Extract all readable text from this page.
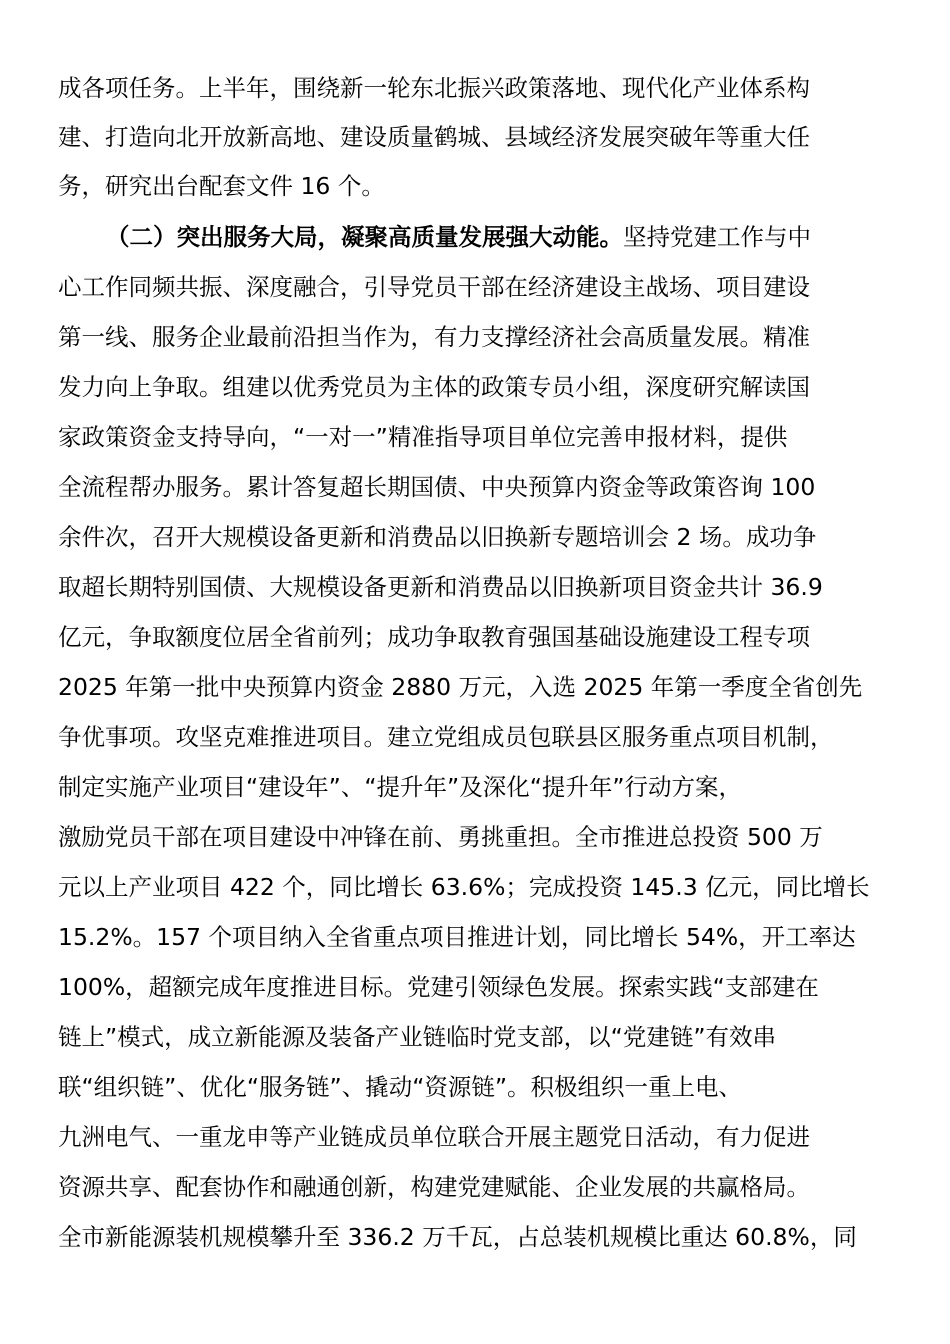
成各项任务。上半年，围绕新一轮东北振兴政策落地、现代化产业体系构
建、打造向北开放新高地、建设质量鹤城、县域经济发展突破年等重大任
务，研究出台配套文件 16 个。
（二）突出服务大局，凝聚高质量发展强大动能。坚持党建工作与中
心工作同频共振、深度融合，引导党员干部在经济建设主战场、项目建设
第一线、服务企业最前沿担当作为，有力支撑经济社会高质量发展。精准
发力向上争取。组建以优秀党员为主体的政策专员小组，深度研究解读国
家政策资金支持导向，“一对一”精准指导项目单位完善申报材料，提供
全流程帮办服务。累计答复超长期国债、中央预算内资金等政策咨询 100
余件次，召开大规模设备更新和消费品以旧换新专题培训会 2 场。成功争
取超长期特别国债、大规模设备更新和消费品以旧换新项目资金共计 36.9
亿元，争取额度位居全省前列；成功争取教育强国基础设施建设工程专项
2025 年第一批中央预算内资金 2880 万元，入选 2025 年第一季度全省创先
争优事项。攻坚克难推进项目。建立党组成员包联县区服务重点项目机制，
制定实施产业项目“建设年”、“提升年”及深化“提升年”行动方案，
激励党员干部在项目建设中冲锋在前、勇挑重担。全市推进总投资 500 万
元以上产业项目 422 个，同比增长 63.6%；完成投资 145.3 亿元，同比增长
15.2%。157 个项目纳入全省重点项目推进计划，同比增长 54%，开工率达
100%，超额完成年度推进目标。党建引领绿色发展。探索实践“支部建在
链上”模式，成立新能源及装备产业链临时党支部，以“党建链”有效串
联“组织链”、优化“服务链”、撬动“资源链”。积极组织一重上电、
九洲电气、一重龙申等产业链成员单位联合开展主题党日活动，有力促进
资源共享、配套协作和融通创新，构建党建赋能、企业发展的共赢格局。
全市新能源装机规模攀升至 336.2 万千瓦，占总装机规模比重达 60.8%，同
